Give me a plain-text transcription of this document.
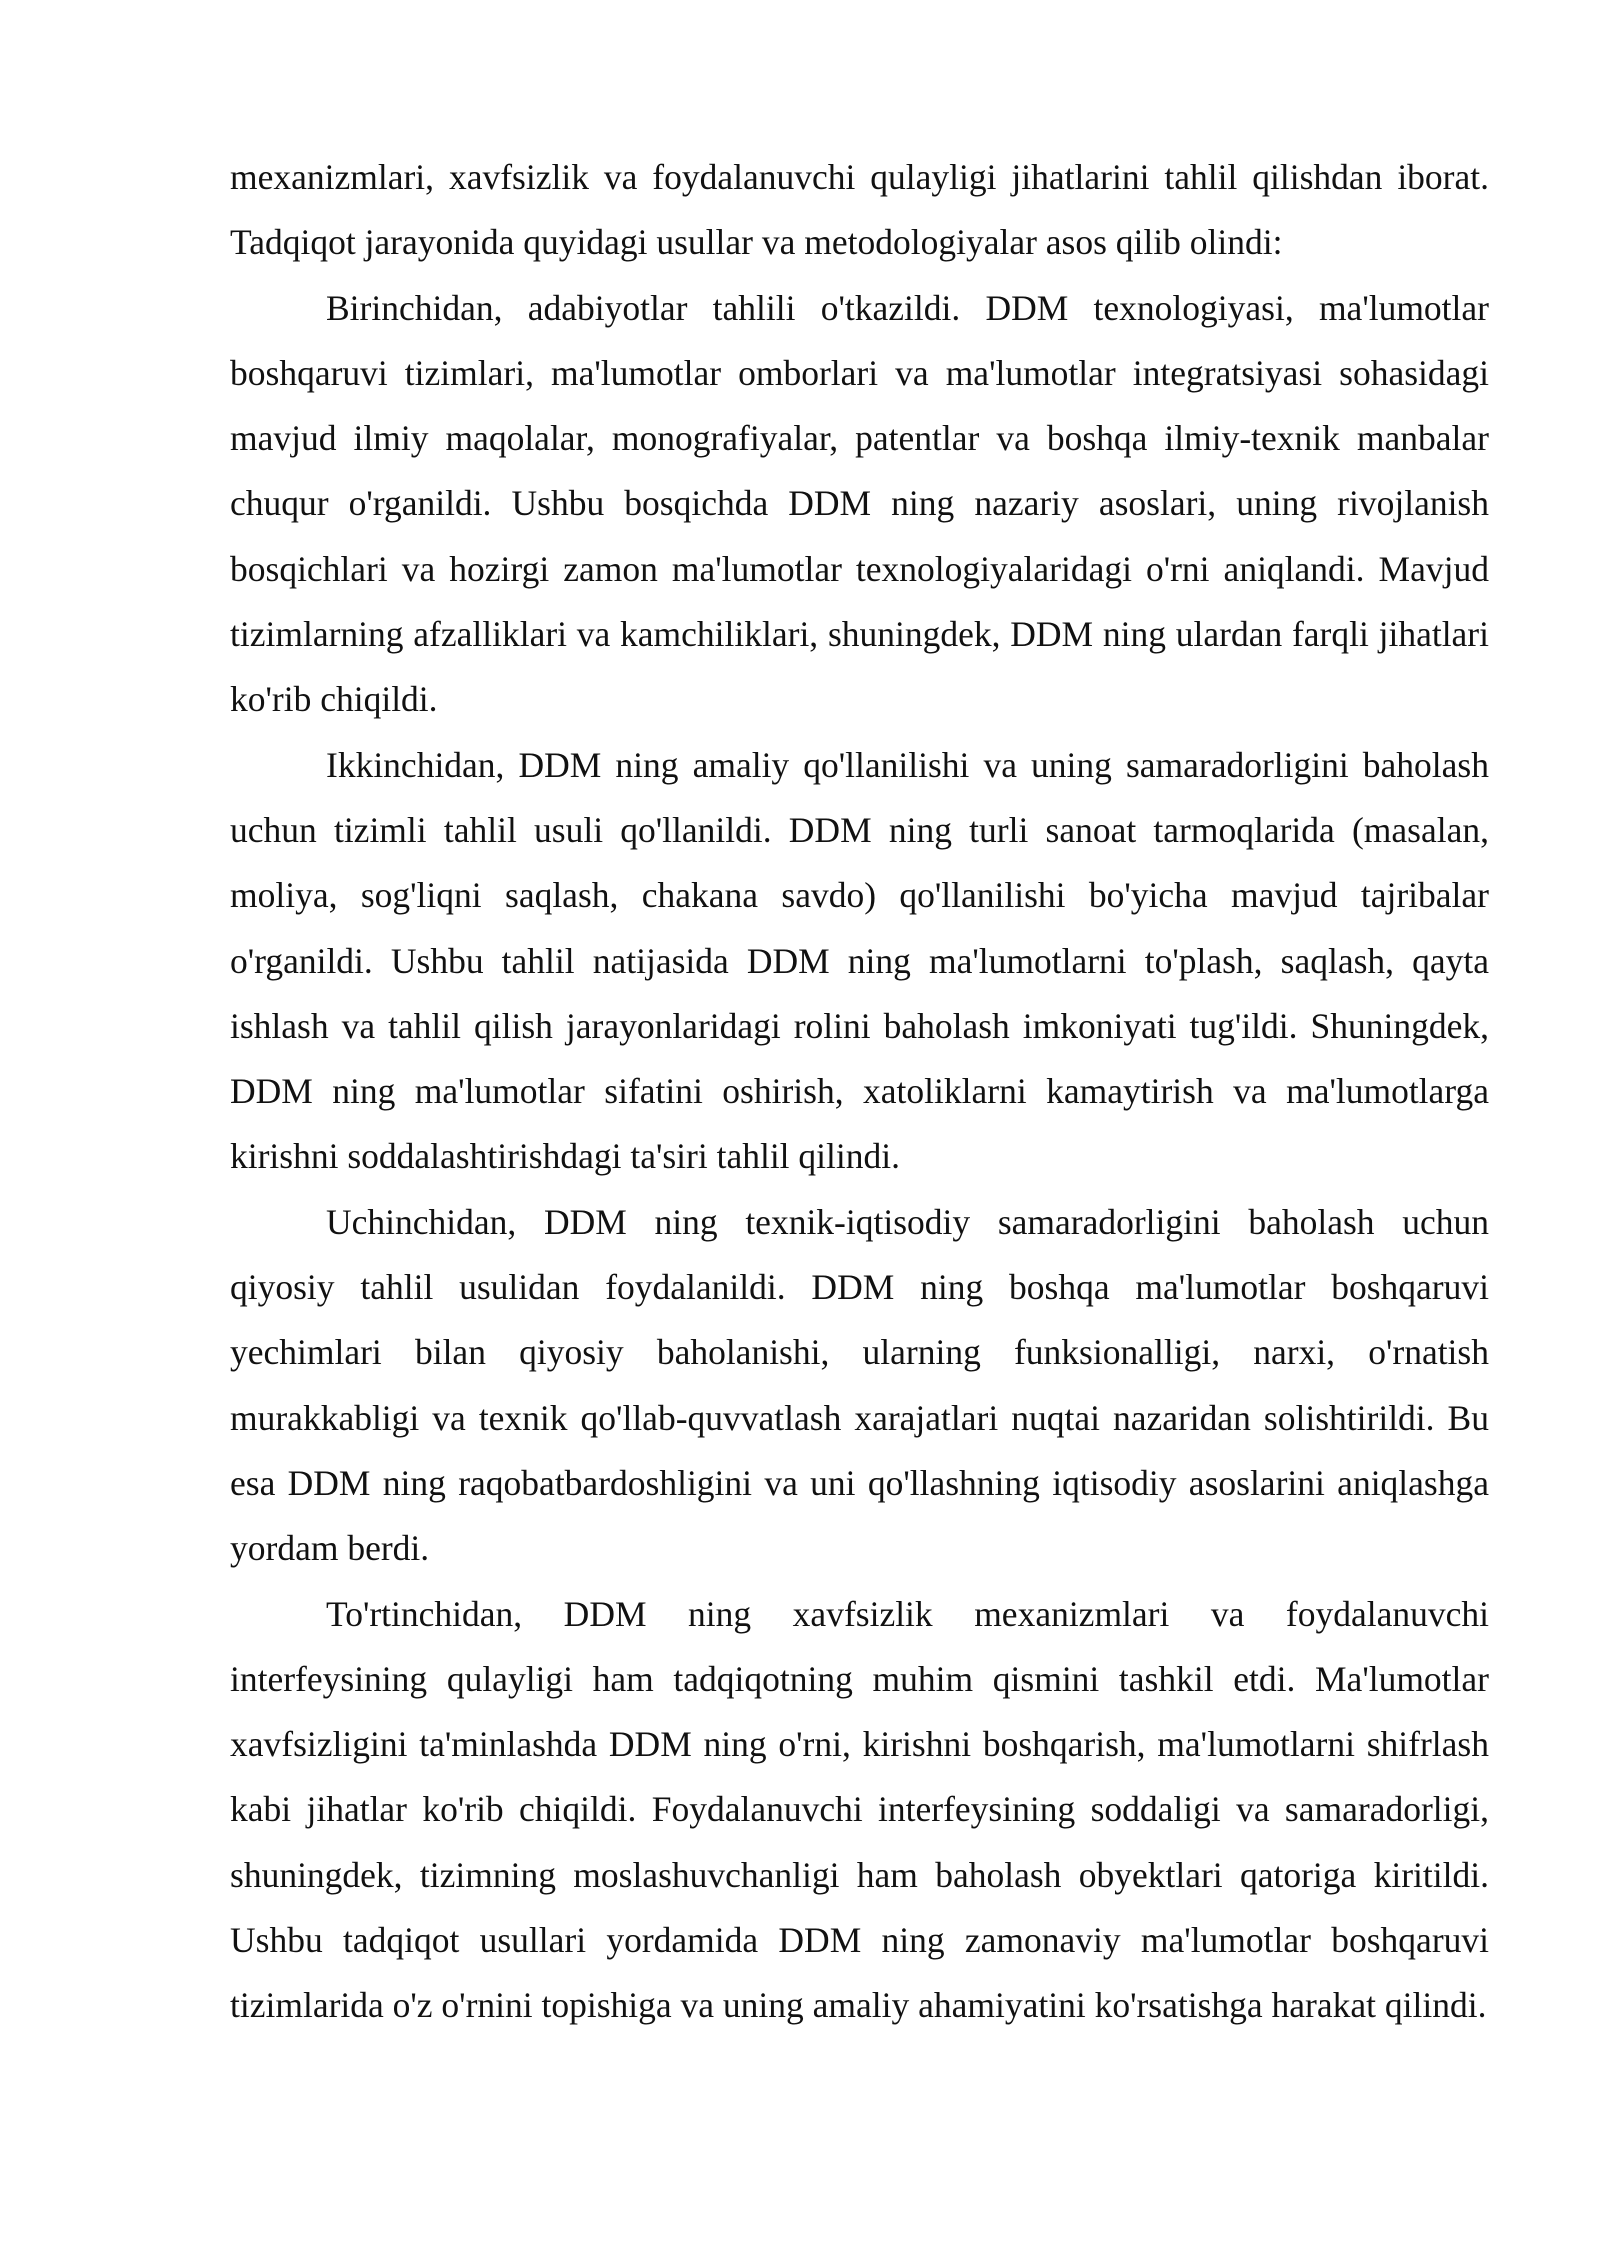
mexanizmlari, xavfsizlik va foydalanuvchi qulayligi jihatlarini tahlil qilishdan iborat. Tadqiqot jarayonida quyidagi usullar va metodologiyalar asos qilib olindi:

Birinchidan, adabiyotlar tahlili o'tkazildi. DDM texnologiyasi, ma'lumotlar boshqaruvi tizimlari, ma'lumotlar omborlari va ma'lumotlar integratsiyasi sohasidagi mavjud ilmiy maqolalar, monografiyalar, patentlar va boshqa ilmiy-texnik manbalar chuqur o'rganildi. Ushbu bosqichda DDM ning nazariy asoslari, uning rivojlanish bosqichlari va hozirgi zamon ma'lumotlar texnologiyalaridagi o'rni aniqlandi. Mavjud tizimlarning afzalliklari va kamchiliklari, shuningdek, DDM ning ulardan farqli jihatlari ko'rib chiqildi.

Ikkinchidan, DDM ning amaliy qo'llanilishi va uning samaradorligini baholash uchun tizimli tahlil usuli qo'llanildi. DDM ning turli sanoat tarmoqlarida (masalan, moliya, sog'liqni saqlash, chakana savdo) qo'llanilishi bo'yicha mavjud tajribalar o'rganildi. Ushbu tahlil natijasida DDM ning ma'lumotlarni to'plash, saqlash, qayta ishlash va tahlil qilish jarayonlaridagi rolini baholash imkoniyati tug'ildi. Shuningdek, DDM ning ma'lumotlar sifatini oshirish, xatoliklarni kamaytirish va ma'lumotlarga kirishni soddalashtirishdagi ta'siri tahlil qilindi.

Uchinchidan, DDM ning texnik-iqtisodiy samaradorligini baholash uchun qiyosiy tahlil usulidan foydalanildi. DDM ning boshqa ma'lumotlar boshqaruvi yechimlari bilan qiyosiy baholanishi, ularning funksionalligi, narxi, o'rnatish murakkabligi va texnik qo'llab-quvvatlash xarajatlari nuqtai nazaridan solishtirildi. Bu esa DDM ning raqobatbardoshligini va uni qo'llashning iqtisodiy asoslarini aniqlashga yordam berdi.

To'rtinchidan, DDM ning xavfsizlik mexanizmlari va foydalanuvchi interfeysining qulayligi ham tadqiqotning muhim qismini tashkil etdi. Ma'lumotlar xavfsizligini ta'minlashda DDM ning o'rni, kirishni boshqarish, ma'lumotlarni shifrlash kabi jihatlar ko'rib chiqildi. Foydalanuvchi interfeysining soddaligi va samaradorligi, shuningdek, tizimning moslashuvchanligi ham baholash obyektlari qatoriga kiritildi. Ushbu tadqiqot usullari yordamida DDM ning zamonaviy ma'lumotlar boshqaruvi tizimlarida o'z o'rnini topishiga va uning amaliy ahamiyatini ko'rsatishga harakat qilindi.
